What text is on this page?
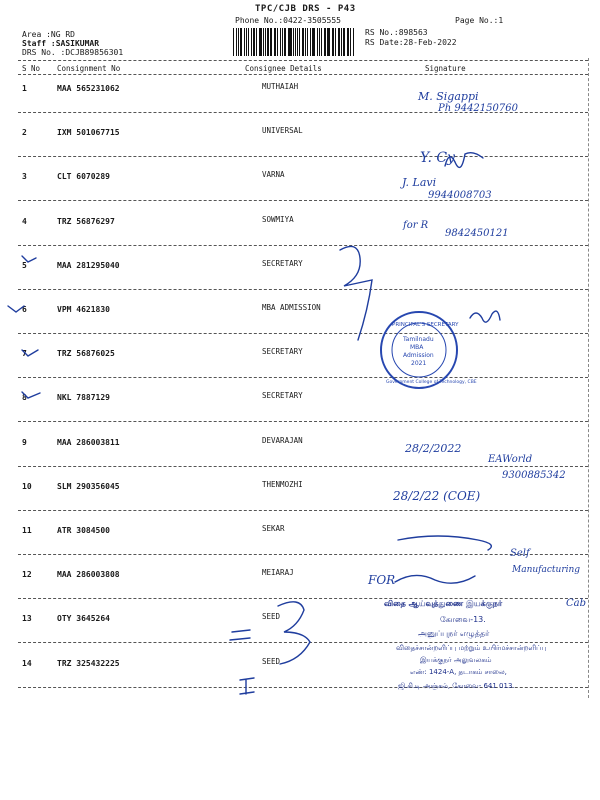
TPC/CJB DRS - P43
Phone No.:0422-3505555	Page No.:1
Area :NG RD
Staff :SASIKUMAR
DRS No. :DCJB89856301
RS No.:898563
RS Date:28-Feb-2022
S No Consignment No	Consignee Details	Signature
1	MAA 565231062	MUTHAIAH
2	IXM 501067715	UNIVERSAL
3	CLT 6070289	VARNA
4	TRZ 56876297	SOWMIYA
5	MAA 281295040	SECRETARY
6	VPM 4621830	MBA ADMISSION
7	TRZ 56876025	SECRETARY
8	NKL 7887129	SECRETARY
9	MAA 286003811	DEVARAJAN
10	SLM 290356045	THENMOZHI
11	ATR 3084500	SEKAR
12	MAA 286003808	MEIARAJ
13	OTY 3645264	SEED
14	TRZ 325432225	SEED
M. Sigappi
Ph 9442150760
Y. Cy
J. Lavi
9944008703
for R
9842450121
28/2/2022
EAWorld
9300885342
28/2/22 (COE)
Self
FOR
Manufacturing
Cab
PRINCIPAL'S SECRETARY
Tamilnadu
MBA
Admission
2021
Government College of Technology, CBE
விதை ஆய்வுத்துணை இயக்குநர்
கோவை-13.
அனுப்புநர் எழுத்தர்
விதைச்சான்றளிப்பு மற்றும் உயிர்மச்சான்றளிப்பு
இயக்குநர் அலுவலகம்
எண்: 1424-A, தடாகம் சாலை,
ஜி.சி.டி அஞ்சல், கோவை- 641 013.
